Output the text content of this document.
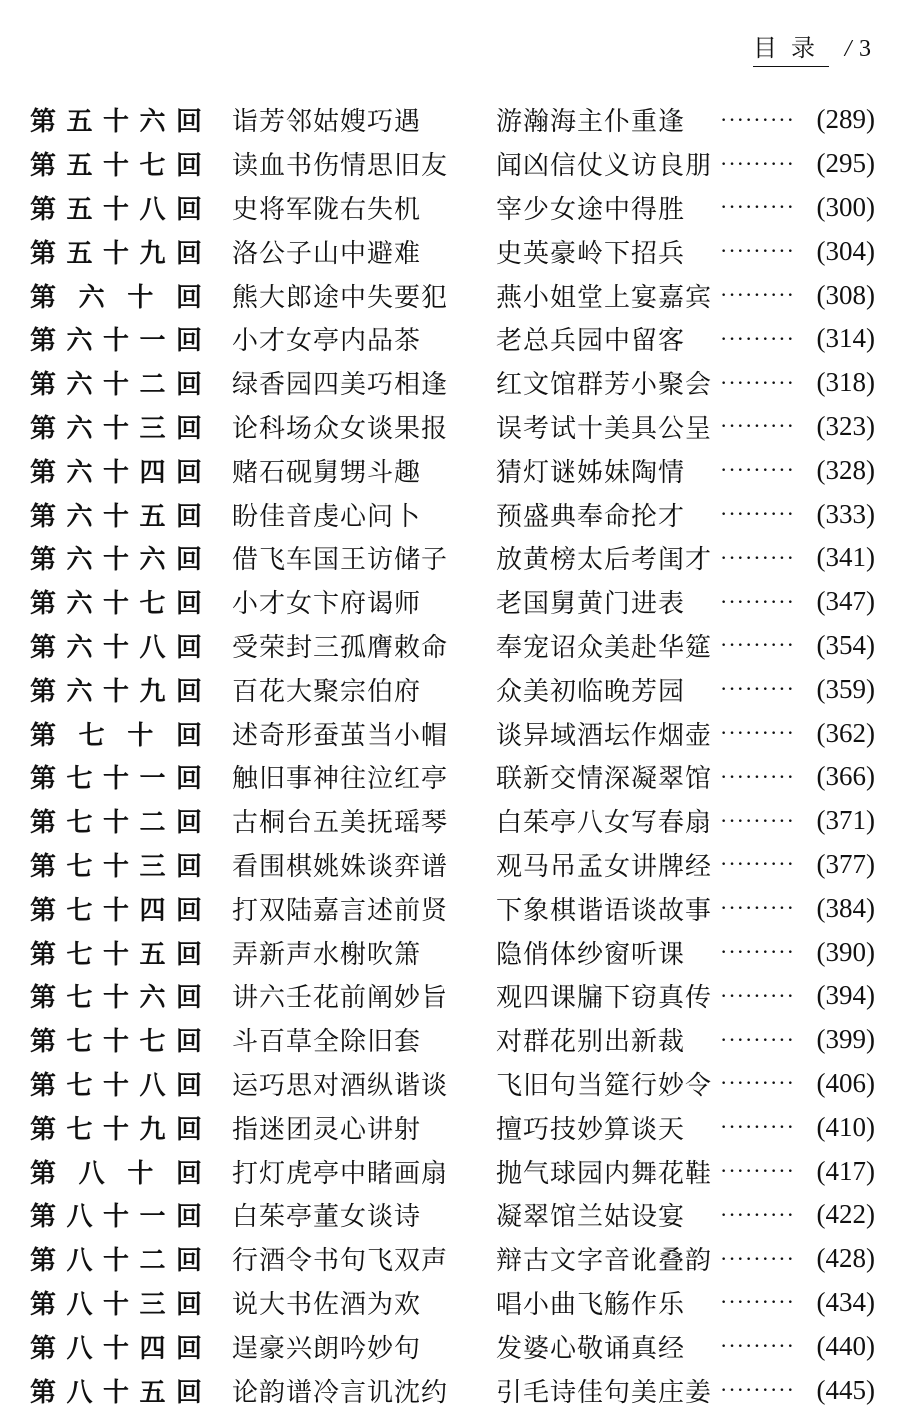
目录 / 3
第 五 十 六 回 诣芳邻姑嫂巧遇	游瀚海主仆重逢	········· (289)
第 五 十 七 回 读血书伤情思旧友	闻凶信仗义访良朋 ········· (295)
第 五 十 八 回 史将军陇右失机	宰少女途中得胜	········· (300)
第 五 十 九 回 洛公子山中避难	史英豪岭下招兵	········· (304)
第 六 十 回 熊大郎途中失要犯	燕小姐堂上宴嘉宾 ········· (308)
第 六 十 一 回 小才女亭内品茶	老总兵园中留客	········· (314)
第 六 十 二 回 绿香园四美巧相逢	红文馆群芳小聚会 ········· (318)
第 六 十 三 回 论科场众女谈果报	误考试十美具公呈 ········· (323)
第 六 十 四 回 赌石砚舅甥斗趣	猜灯谜姊妹陶情	········· (328)
第 六 十 五 回 盼佳音虔心问卜	预盛典奉命抡才	········· (333)
第 六 十 六 回 借飞车国王访储子	放黄榜太后考闺才 ········· (341)
第 六 十 七 回 小才女卞府谒师	老国舅黄门进表	········· (347)
第 六 十 八 回 受荣封三孤膺敕命	奉宠诏众美赴华筵 ········· (354)
第 六 十 九 回 百花大聚宗伯府	众美初临晚芳园	········· (359)
第 七 十 回 述奇形蚕茧当小帽	谈异域酒坛作烟壶 ········· (362)
第 七 十 一 回 触旧事神往泣红亭	联新交情深凝翠馆 ········· (366)
第 七 十 二 回 古桐台五美抚瑶琴	白茱亭八女写春扇 ········· (371)
第 七 十 三 回 看围棋姚姝谈弈谱	观马吊孟女讲牌经 ········· (377)
第 七 十 四 回 打双陆嘉言述前贤	下象棋谐语谈故事 ········· (384)
第 七 十 五 回 弄新声水榭吹箫	隐俏体纱窗听课	········· (390)
第 七 十 六 回 讲六壬花前阐妙旨	观四课牖下窃真传 ········· (394)
第 七 十 七 回 斗百草全除旧套	对群花别出新裁	········· (399)
第 七 十 八 回 运巧思对酒纵谐谈	飞旧句当筵行妙令 ········· (406)
第 七 十 九 回 指迷团灵心讲射	擅巧技妙算谈天	········· (410)
第 八 十 回 打灯虎亭中睹画扇	抛气球园内舞花鞋 ········· (417)
第 八 十 一 回 白茱亭董女谈诗	凝翠馆兰姑设宴	········· (422)
第 八 十 二 回 行酒令书句飞双声	辩古文字音讹叠韵 ········· (428)
第 八 十 三 回 说大书佐酒为欢	唱小曲飞觞作乐	········· (434)
第 八 十 四 回 逞豪兴朗吟妙句	发婆心敬诵真经	········· (440)
第 八 十 五 回 论韵谱冷言讥沈约	引毛诗佳句美庄姜 ········· (445)
